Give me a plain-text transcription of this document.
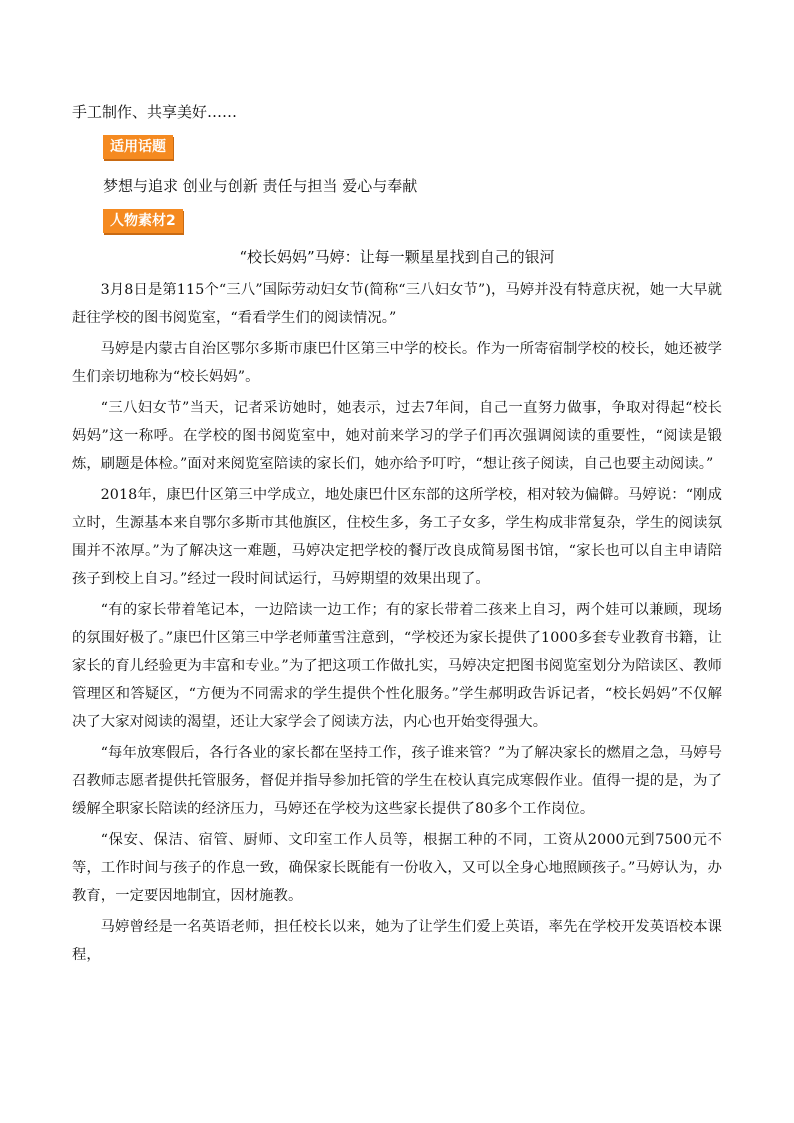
手工制作、共享美好……
适用话题
梦想与追求 创业与创新 责任与担当 爱心与奉献
人物素材2
“校长妈妈”马婷：让每一颗星星找到自己的银河

3月8日是第115个“三八”国际劳动妇女节(简称“三八妇女节”)，马婷并没有特意庆祝，她一大早就赶往学校的图书阅览室，“看看学生们的阅读情况。”

马婷是内蒙古自治区鄂尔多斯市康巴什区第三中学的校长。作为一所寄宿制学校的校长，她还被学生们亲切地称为“校长妈妈”。

“三八妇女节”当天，记者采访她时，她表示，过去7年间，自己一直努力做事，争取对得起“校长妈妈”这一称呼。在学校的图书阅览室中，她对前来学习的学子们再次强调阅读的重要性，“阅读是锻炼，刷题是体检。”面对来阅览室陪读的家长们，她亦给予叮咛，“想让孩子阅读，自己也要主动阅读。”

2018年，康巴什区第三中学成立，地处康巴什区东部的这所学校，相对较为偏僻。马婷说：“刚成立时，生源基本来自鄂尔多斯市其他旗区，住校生多，务工子女多，学生构成非常复杂，学生的阅读氛围并不浓厚。”为了解决这一难题，马婷决定把学校的餐厅改良成简易图书馆，“家长也可以自主申请陪孩子到校上自习。”经过一段时间试运行，马婷期望的效果出现了。

“有的家长带着笔记本，一边陪读一边工作；有的家长带着二孩来上自习，两个娃可以兼顾，现场的氛围好极了。”康巴什区第三中学老师董雪注意到，“学校还为家长提供了1000多套专业教育书籍，让家长的育儿经验更为丰富和专业。”为了把这项工作做扎实，马婷决定把图书阅览室划分为陪读区、教师管理区和答疑区，“方便为不同需求的学生提供个性化服务。”学生郝明政告诉记者，“校长妈妈”不仅解决了大家对阅读的渴望，还让大家学会了阅读方法，内心也开始变得强大。

“每年放寒假后，各行各业的家长都在坚持工作，孩子谁来管？”为了解决家长的燃眉之急，马婷号召教师志愿者提供托管服务，督促并指导参加托管的学生在校认真完成寒假作业。值得一提的是，为了缓解全职家长陪读的经济压力，马婷还在学校为这些家长提供了80多个工作岗位。

“保安、保洁、宿管、厨师、文印室工作人员等，根据工种的不同，工资从2000元到7500元不等，工作时间与孩子的作息一致，确保家长既能有一份收入，又可以全身心地照顾孩子。”马婷认为，办教育，一定要因地制宜，因材施教。

马婷曾经是一名英语老师，担任校长以来，她为了让学生们爱上英语，率先在学校开发英语校本课程，
